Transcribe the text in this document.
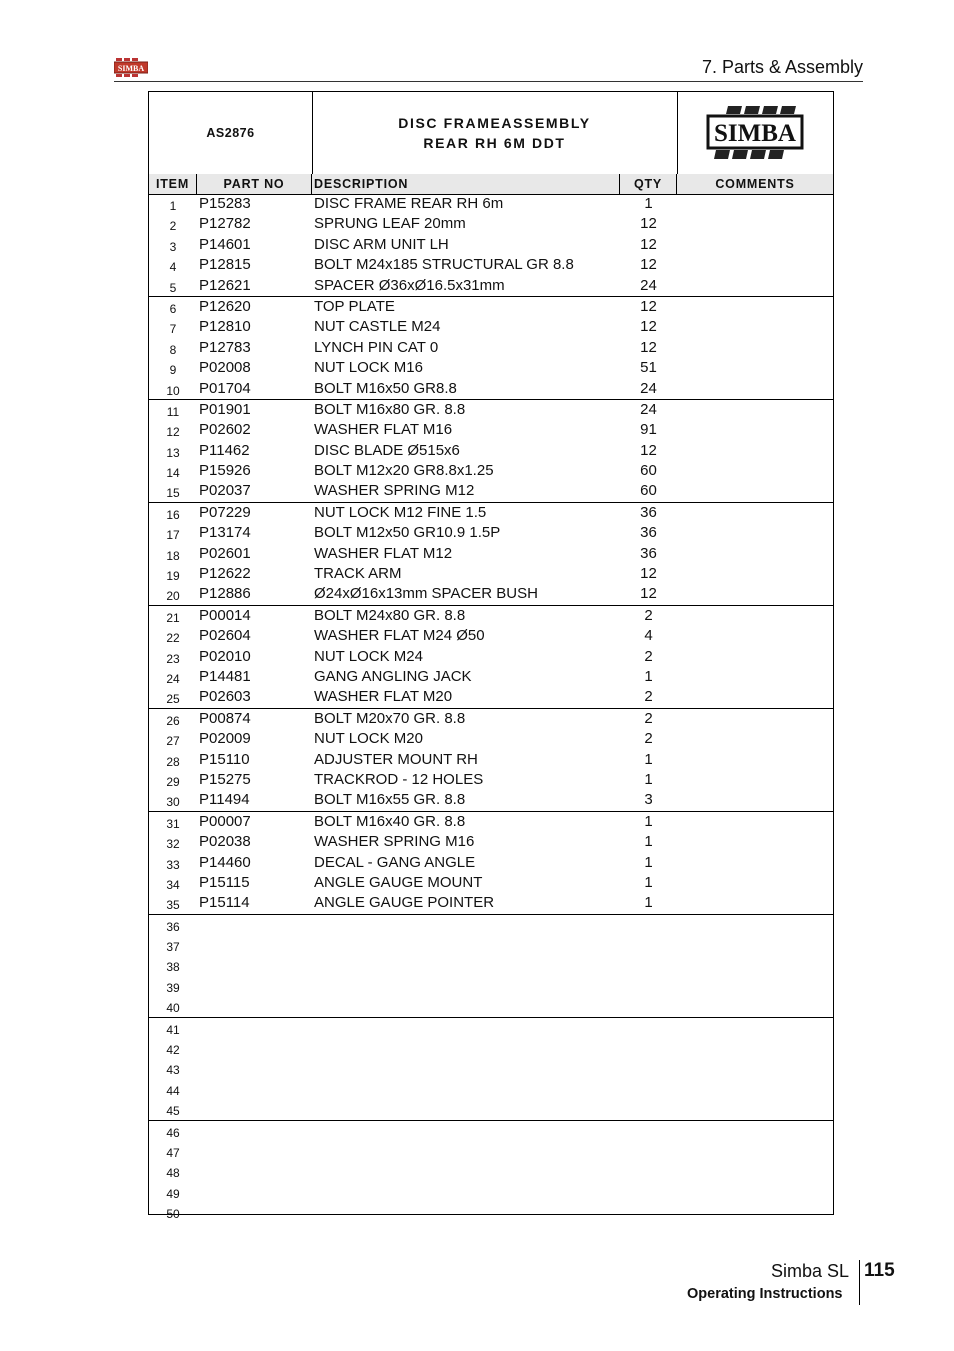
SIMBA	7. Parts & Assembly
AS2876
DISC FRAMEASSEMBLY
REAR RH 6M DDT	SIMBA
ITEM	PART NO	DESCRIPTION	QTY	COMMENTS
1	P15283	DISC FRAME REAR RH 6m	1
2	P12782	SPRUNG LEAF 20mm	12
3	P14601	DISC ARM UNIT LH	12
4	P12815	BOLT M24x185 STRUCTURAL GR 8.8	12
5	P12621	SPACER Ø36xØ16.5x31mm	24
6	P12620	TOP PLATE	12
7	P12810	NUT CASTLE M24	12
8	P12783	LYNCH PIN CAT 0	12
9	P02008	NUT LOCK M16	51
10	P01704	BOLT M16x50 GR8.8	24
11	P01901	BOLT M16x80 GR. 8.8	24
12	P02602	WASHER FLAT M16	91
13	P11462	DISC BLADE Ø515x6	12
14	P15926	BOLT M12x20 GR8.8x1.25	60
15	P02037	WASHER SPRING M12	60
16	P07229	NUT LOCK M12 FINE 1.5	36
17	P13174	BOLT M12x50 GR10.9 1.5P	36
18	P02601	WASHER FLAT M12	36
19	P12622	TRACK ARM	12
20	P12886	Ø24xØ16x13mm SPACER BUSH	12
21	P00014	BOLT M24x80 GR. 8.8	2
22	P02604	WASHER FLAT M24 Ø50	4
23	P02010	NUT LOCK M24	2
24	P14481	GANG ANGLING JACK	1
25	P02603	WASHER FLAT M20	2
26	P00874	BOLT M20x70 GR. 8.8	2
27	P02009	NUT LOCK M20	2
28	P15110	ADJUSTER MOUNT RH	1
29	P15275	TRACKROD - 12 HOLES	1
30	P11494	BOLT M16x55 GR. 8.8	3
31	P00007	BOLT M16x40 GR. 8.8	1
32	P02038	WASHER SPRING M16	1
33	P14460	DECAL - GANG ANGLE	1
34	P15115	ANGLE GAUGE MOUNT	1
35	P15114	ANGLE GAUGE POINTER	1
36
37
38
39
40
41
42
43
44
45
46
47
48
49
50
Simba SL 115
Operating Instructions
